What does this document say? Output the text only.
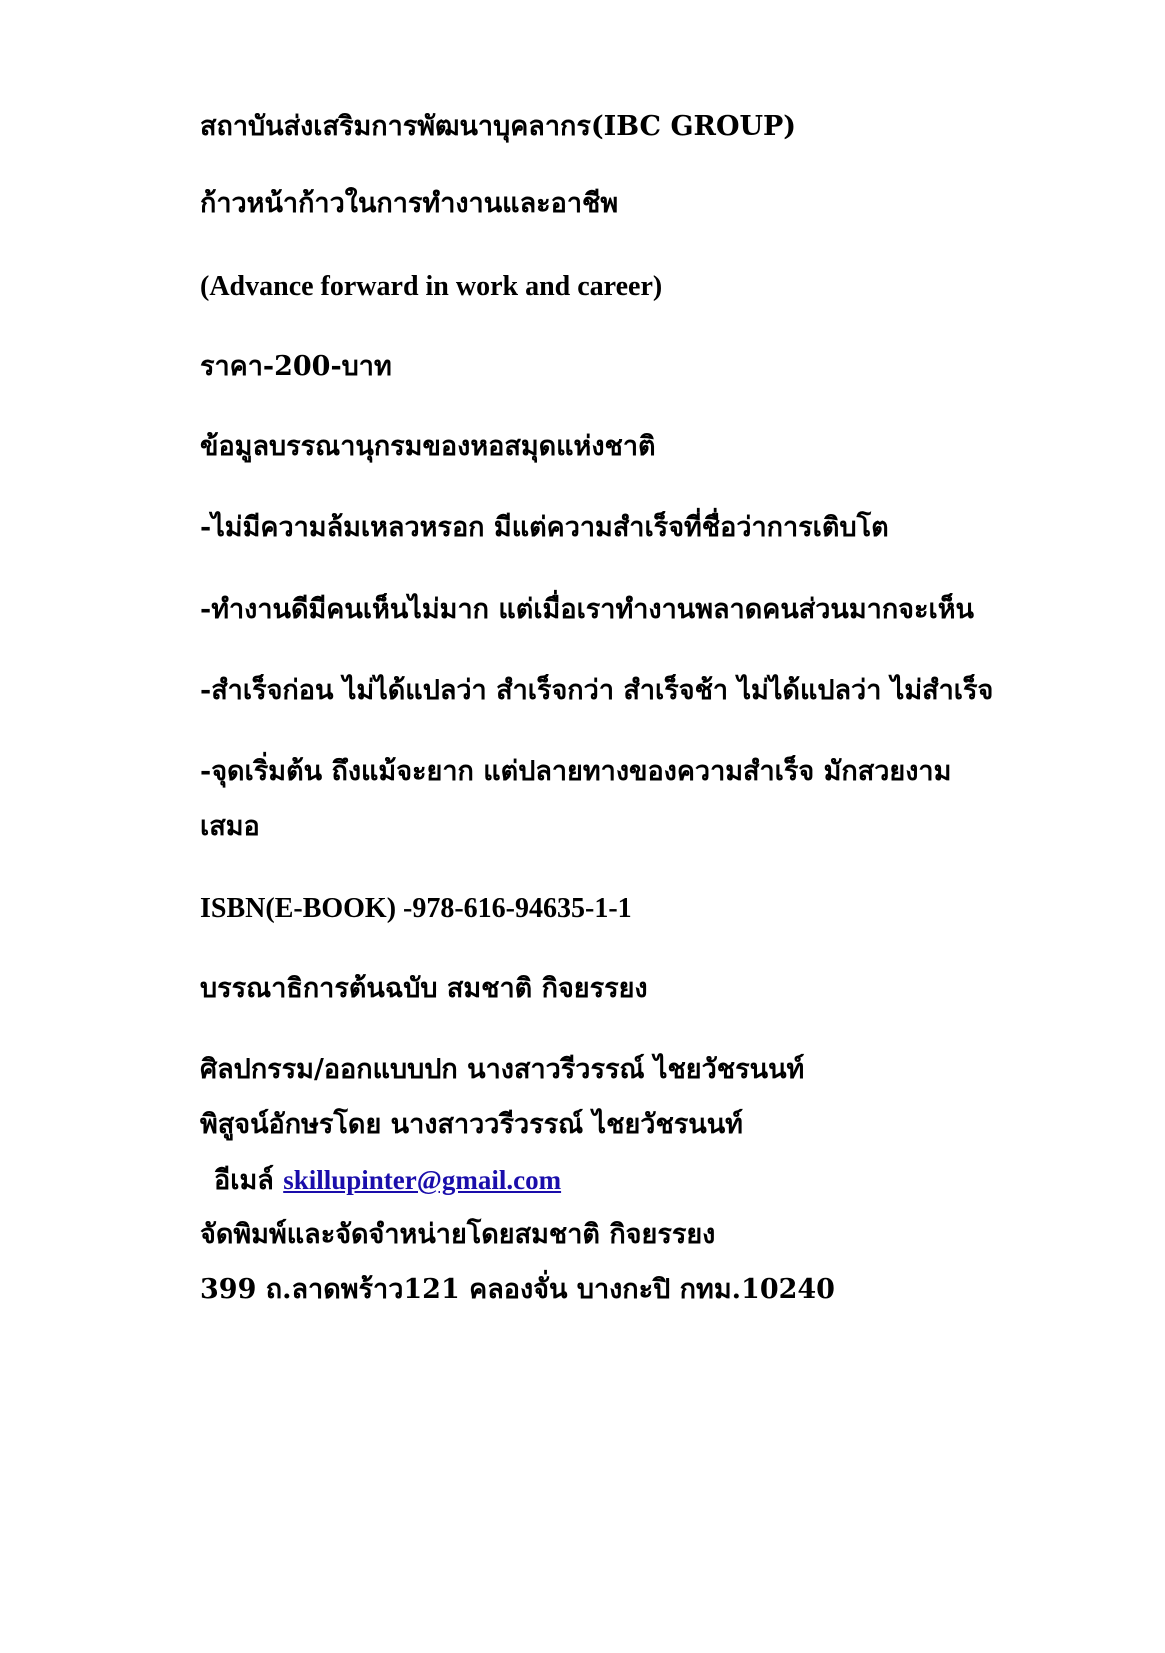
สถาบันส่งเสริมการพัฒนาบุคลากร(IBC GROUP)
ก้าวหน้าก้าวในการทำงานและอาชีพ
(Advance forward in work and career)
ราคา-200-บาท
ข้อมูลบรรณานุกรมของหอสมุดแห่งชาติ
-ไม่มีความล้มเหลวหรอก มีแต่ความสำเร็จที่ชื่อว่าการเติบโต
-ทำงานดีมีคนเห็นไม่มาก แต่เมื่อเราทำงานพลาดคนส่วนมากจะเห็น
-สำเร็จก่อน ไม่ได้แปลว่า สำเร็จกว่า สำเร็จช้า ไม่ได้แปลว่า ไม่สำเร็จ
-จุดเริ่มต้น ถึงแม้จะยาก แต่ปลายทางของความสำเร็จ มักสวยงาม
เสมอ
ISBN(E-BOOK) -978-616-94635-1-1
บรรณาธิการต้นฉบับ สมชาติ กิจยรรยง
ศิลปกรรม/ออกแบบปก นางสาวรีวรรณ์ ไชยวัชรนนท์
พิสูจน์อักษรโดย นางสาววรีวรรณ์ ไชยวัชรนนท์
อีเมล์ skillupinter@gmail.com
จัดพิมพ์และจัดจำหน่ายโดยสมชาติ กิจยรรยง
399 ถ.ลาดพร้าว121 คลองจั่น บางกะปิ กทม.10240
